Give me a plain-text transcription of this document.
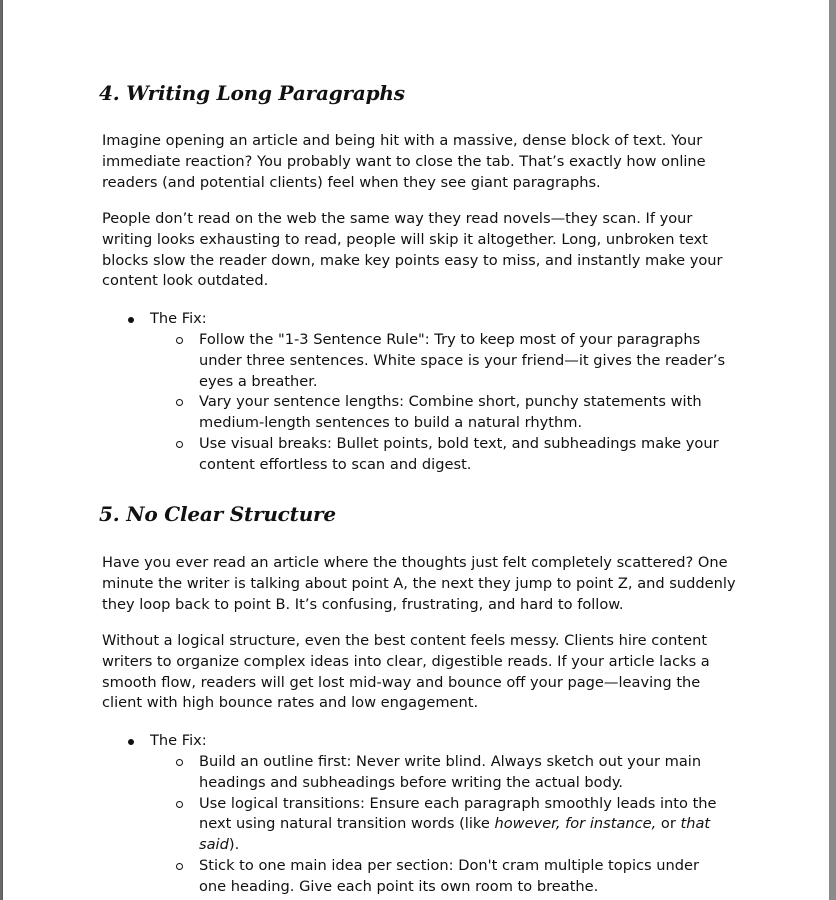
4. Writing Long Paragraphs

Imagine opening an article and being hit with a massive, dense block of text. Your immediate reaction? You probably want to close the tab. That’s exactly how online readers (and potential clients) feel when they see giant paragraphs.

People don’t read on the web the same way they read novels—they scan. If your writing looks exhausting to read, people will skip it altogether. Long, unbroken text blocks slow the reader down, make key points easy to miss, and instantly make your content look outdated.

The Fix:

Follow the "1-3 Sentence Rule": Try to keep most of your paragraphs under three sentences. White space is your friend—it gives the reader’s eyes a breather.

Vary your sentence lengths: Combine short, punchy statements with medium-length sentences to build a natural rhythm.

Use visual breaks: Bullet points, bold text, and subheadings make your content effortless to scan and digest.

5. No Clear Structure

Have you ever read an article where the thoughts just felt completely scattered? One minute the writer is talking about point A, the next they jump to point Z, and suddenly they loop back to point B. It’s confusing, frustrating, and hard to follow.

Without a logical structure, even the best content feels messy. Clients hire content writers to organize complex ideas into clear, digestible reads. If your article lacks a smooth flow, readers will get lost mid-way and bounce off your page—leaving the client with high bounce rates and low engagement.

The Fix:

Build an outline first: Never write blind. Always sketch out your main headings and subheadings before writing the actual body.

Use logical transitions: Ensure each paragraph smoothly leads into the next using natural transition words (like however, for instance, or that said).

Stick to one main idea per section: Don't cram multiple topics under one heading. Give each point its own room to breathe.
